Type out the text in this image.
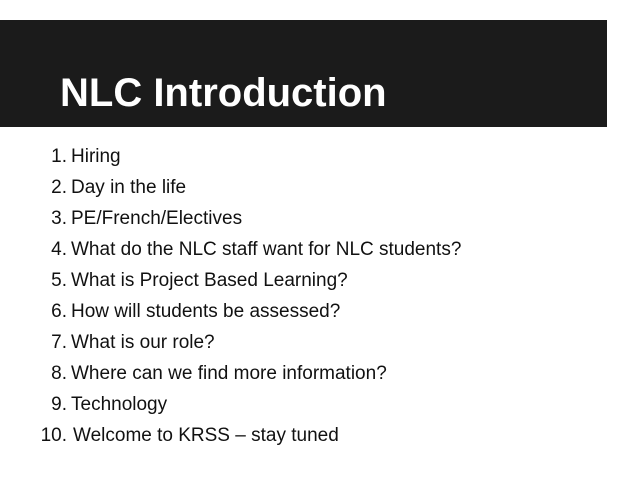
NLC Introduction
1. Hiring
2. Day in the life
3. PE/French/Electives
4. What do the NLC staff want for NLC students?
5. What is Project Based Learning?
6. How will students be assessed?
7. What is our role?
8. Where can we find more information?
9. Technology
10. Welcome to KRSS – stay tuned
